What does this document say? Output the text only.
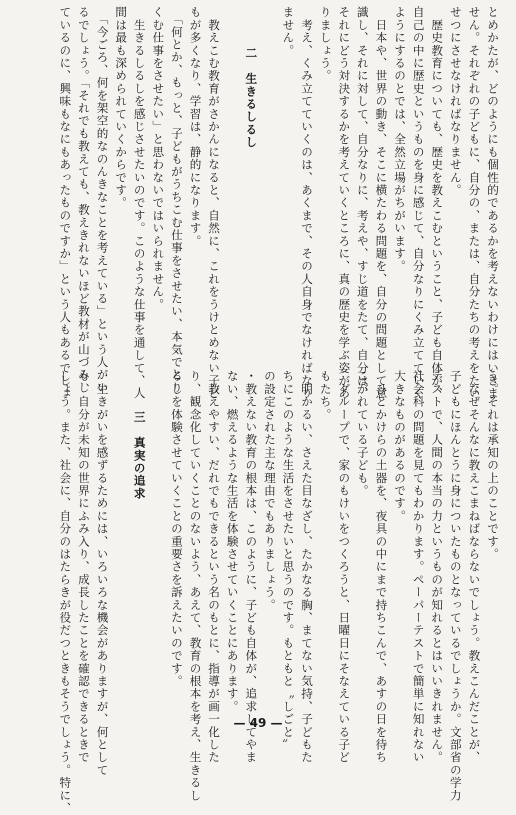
とめかたが、どのようにも個性的であるかを考えないわけにはいきま

せん。それぞれの子どもに、自分の、または、自分たちの考えをたい

せつにさせなければなりません。

　歴史教育についても、歴史を教えこむということ、子ども自体が、

自己の中に歴史というものを身に感じて、自分なりにくみ立てていく

ようにするのとでは、全然立場がちがいます。

　日本や、世界の動き、そこに横たわる問題を、自分の問題として意

識し、それに対して、自分なりに、考えや、すじ道をたて、自分は、

それにどう対決するかを考えていくところに、真の歴史を学ぶ姿があ

りましょう。

　考え、くみ立てていくのは、あくまで、その人自身でなければなり

ません。

二　生きるしるし

　教えこむ教育がさかんになると、自然に、これをうけとめない子ど

もが多くなり、学習は、静的になります。

　「何とか、もっと、子どもがうちこむ仕事をさせたい、本気でとり

くむ仕事をさせたい」と思わないではいられません。

　生きるしるしを感じさせたいのです。このような仕事を通して、人

間は最も深められていくからです。

　「今ごろ、何を架空的なのんきなことを考えている」という人がい

るでしょう。「それでも教えても、教えきれないほど教材が山づみし

ているのに、興味もなにもあったものですか」という人もあるでしょ

う。それは承知の上のことです。

　なぜそんなに教えこまねばならないでしょう。教えこんだことが、

子どもにほんとうに身についたものとなっているでしょうか。文部省の学力

テストで、人間の本当の力というものが知れるとはいいきれません。

社会科の問題を見てもわかります。ペーパーテストで簡単に知れない

大きなものがあるのです。

　ひとかけらの土器を、夜具の中にまで持ちこんで、あすの日を待ち

こがれている子ども。

　グループで、家のもけいをつくろうと、日曜日にそなえている子ど

もたち。

　明かるい、さえた目なざし、たかなる胸、まてない気持、子どもた

ちにこのような生活をさせたいと思うのです。もともと〝しごと〟

の設定された主な理由でもありましょう。

・教えない教育の根本は、このように、子ども自体が、追求してやま

ない、燃えるような生活を体験させていくことにあります。

　教えやすい、だれでもできるという名のもとに、指導が画一化した

り、観念化していくことのないよう、あえて、教育の根本を考え、生きるし

るしを体験させていくことの重要さを訴えたいのです。

三　真実の追求

　生きがいを感ずるためには、いろいろな機会がありますが、何として

も、自分が未知の世界にふみ入り、成長したことを確認できるときで

しょう。また、社会に、自分のはたらきが役だつときもそうでしょう。特に、	— 49 —
